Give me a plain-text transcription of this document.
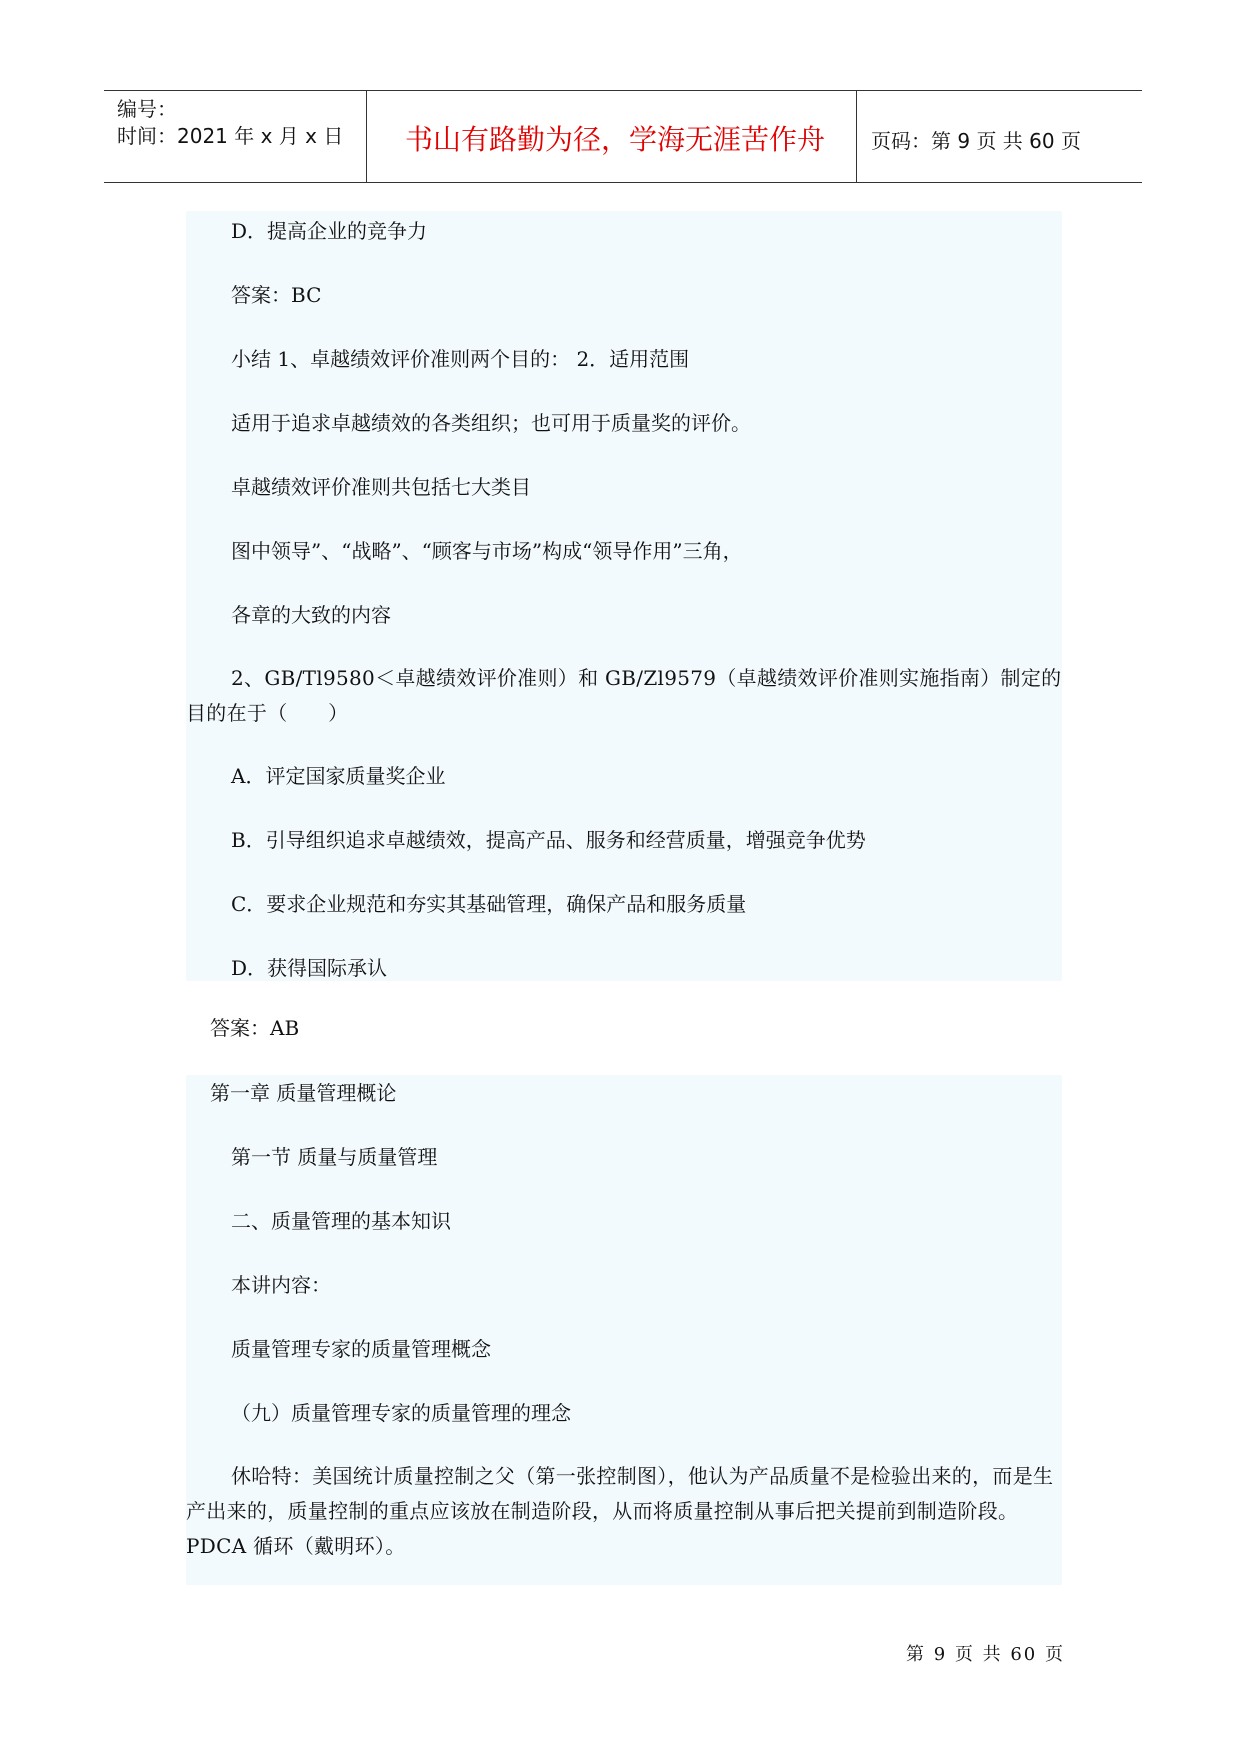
编号：
时间：2021 年 x 月 x 日	书山有路勤为径，学海无涯苦作舟	页码：第 9 页 共 60 页
D．提高企业的竞争力
答案：BC
小结 1、卓越绩效评价准则两个目的： 2．适用范围
适用于追求卓越绩效的各类组织；也可用于质量奖的评价。
卓越绩效评价准则共包括七大类目
图中领导”、“战略”、“顾客与市场”构成“领导作用”三角，
各章的大致的内容
2、GB/Tl9580＜卓越绩效评价准则）和 GB/Zl9579（卓越绩效评价准则实施指南）制定的目的在于（　　）
A．评定国家质量奖企业
B．引导组织追求卓越绩效，提高产品、服务和经营质量，增强竞争优势
C．要求企业规范和夯实其基础管理，确保产品和服务质量
D．获得国际承认
答案：AB
第一章 质量管理概论
第一节 质量与质量管理
二、质量管理的基本知识
本讲内容：
质量管理专家的质量管理概念
（九）质量管理专家的质量管理的理念
休哈特：美国统计质量控制之父（第一张控制图），他认为产品质量不是检验出来的，而是生产出来的，质量控制的重点应该放在制造阶段，从而将质量控制从事后把关提前到制造阶段。PDCA 循环（戴明环）。
第 9 页 共 60 页
